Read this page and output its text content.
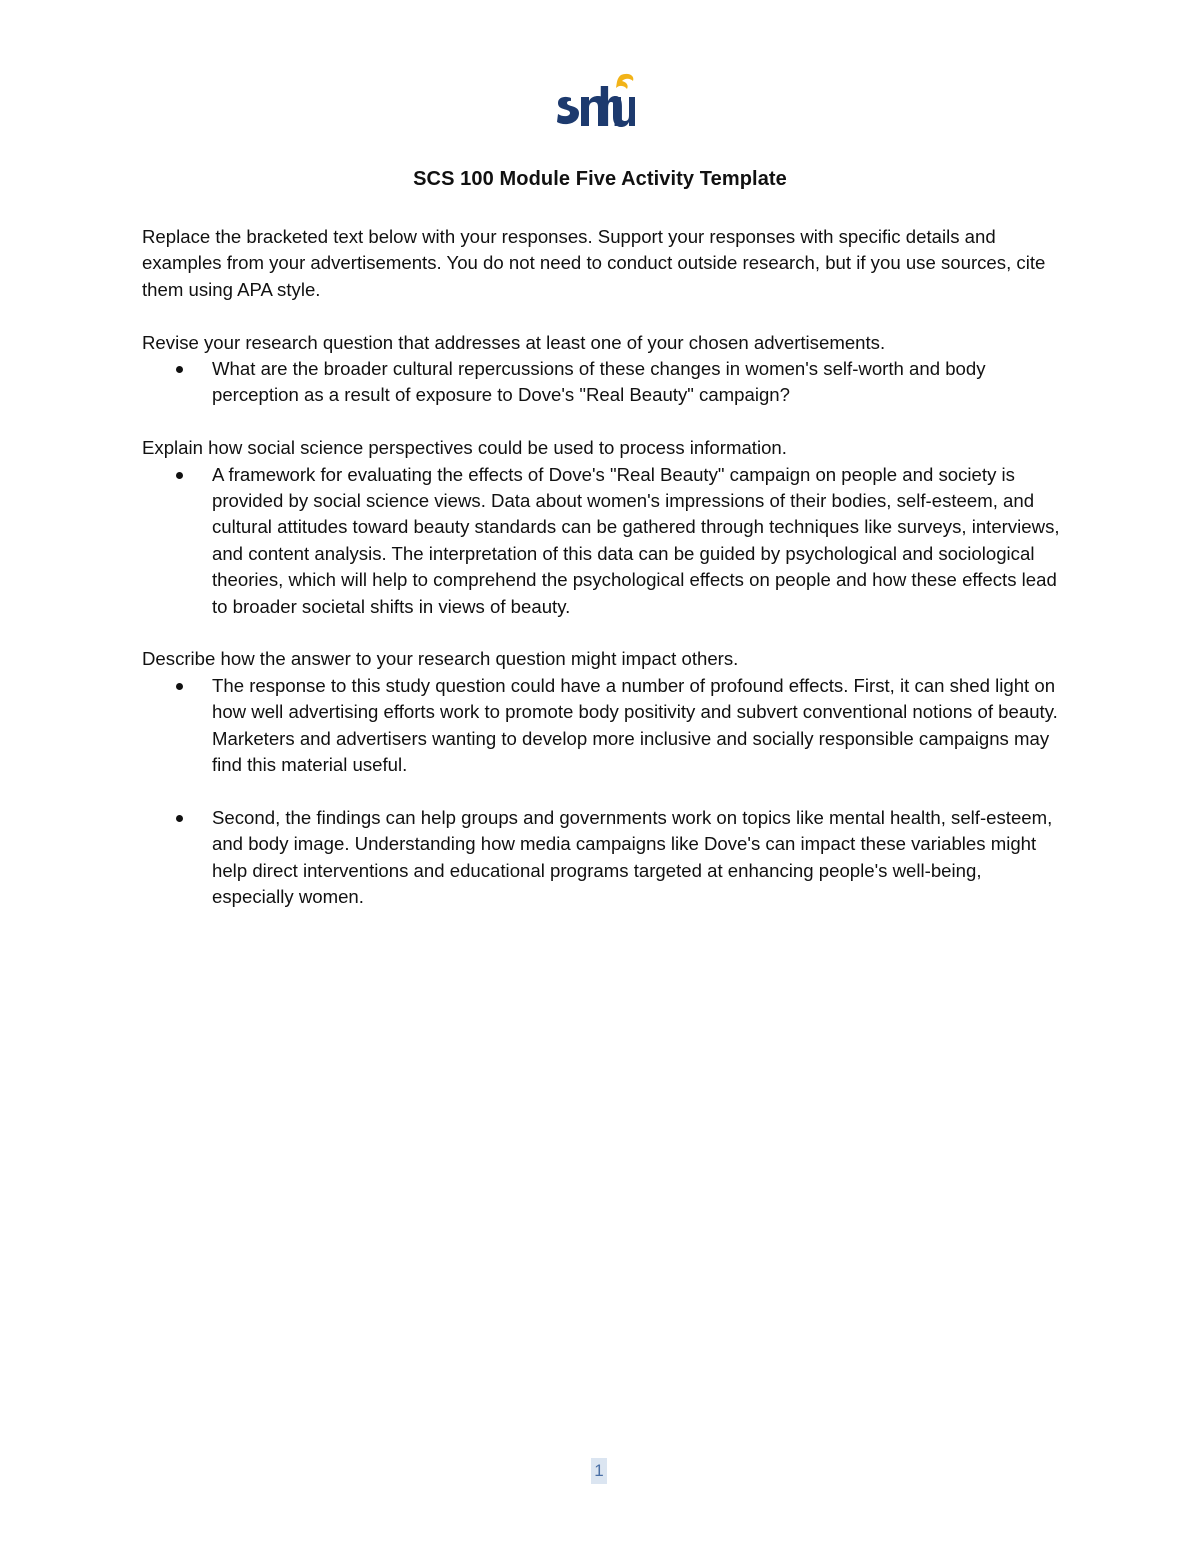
SCS 100 Module Five Activity Template

Replace the bracketed text below with your responses. Support your responses with specific details and examples from your advertisements. You do not need to conduct outside research, but if you use sources, cite them using APA style.

Revise your research question that addresses at least one of your chosen advertisements.

What are the broader cultural repercussions of these changes in women's self-worth and body perception as a result of exposure to Dove's "Real Beauty" campaign?

Explain how social science perspectives could be used to process information.

A framework for evaluating the effects of Dove's "Real Beauty" campaign on people and society is provided by social science views. Data about women's impressions of their bodies, self-esteem, and cultural attitudes toward beauty standards can be gathered through techniques like surveys, interviews, and content analysis. The interpretation of this data can be guided by psychological and sociological theories, which will help to comprehend the psychological effects on people and how these effects lead to broader societal shifts in views of beauty.

Describe how the answer to your research question might impact others.

The response to this study question could have a number of profound effects. First, it can shed light on how well advertising efforts work to promote body positivity and subvert conventional notions of beauty. Marketers and advertisers wanting to develop more inclusive and socially responsible campaigns may find this material useful.
Second, the findings can help groups and governments work on topics like mental health, self-esteem, and body image. Understanding how media campaigns like Dove's can impact these variables might help direct interventions and educational programs targeted at enhancing people's well-being, especially women.
1
